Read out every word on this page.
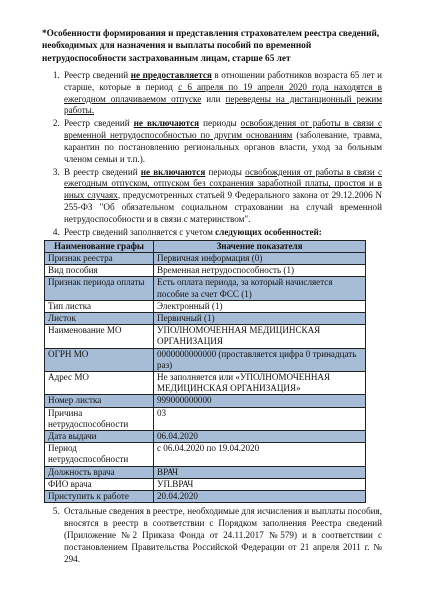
*Особенности формирования и представления страхователем реестра сведений, необходимых для назначения и выплаты пособий по временной нетрудоспособности застрахованным лицам, старше 65 лет

1. Реестр сведений не предоставляется в отношении работников возраста 65 лет и старше, которые в период с 6 апреля по 19 апреля 2020 года находятся в ежегодном оплачиваемом отпуске или переведены на дистанционный режим работы.
2. Реестр сведений не включаются периоды освобождения от работы в связи с временной нетрудоспособностью по другим основаниям (заболевание, травма, карантин по постановлению региональных органов власти, уход за больным членом семьи и т.п.).
3. В реестр сведений не включаются периоды освобождения от работы в связи с ежегодным отпуском, отпуском без сохранения заработной платы, простоя и в иных случаях, предусмотренных статьей 9 Федерального закона от 29.12.2006 N 255-ФЗ "Об обязательном социальном страховании на случай временной нетрудоспособности и в связи с материнством".
4. Реестр сведений заполняется с учетом следующих особенностей:
Наименование графы	Значение показателя
Признак реестра	Первичная информация (0)
Вид пособия	Временная нетрудоспособность (1)
Признак периода оплаты	Есть оплата периода, за который начисляется пособие за счет ФСС (1)
Тип листка	Электронный (1)
Листок	Первичный (1)
Наименование МО	УПОЛНОМОЧЕННАЯ МЕДИЦИНСКАЯ ОРГАНИЗАЦИЯ
ОГРН МО	0000000000000 (проставляется цифра 0 тринадцать раз)
Адрес МО	Не заполняется или «УПОЛНОМОЧЕННАЯ МЕДИЦИНСКАЯ ОРГАНИЗАЦИЯ»
Номер листка	999000000000
Причина нетрудоспособности	03
Дата выдачи	06.04.2020
Период нетрудоспособности	с 06.04.2020 по 19.04.2020
Должность врача	ВРАЧ
ФИО врача	УП.ВРАЧ
Приступить к работе	20.04.2020
5. Остальные сведения в реестре, необходимые для исчисления и выплаты пособия, вносятся в реестр в соответствии с Порядком заполнения Реестра сведений (Приложение №2 Приказа Фонда от 24.11.2017 №579) и в соответствии с постановлением Правительства Российской Федерации от 21 апреля 2011 г. № 294.
